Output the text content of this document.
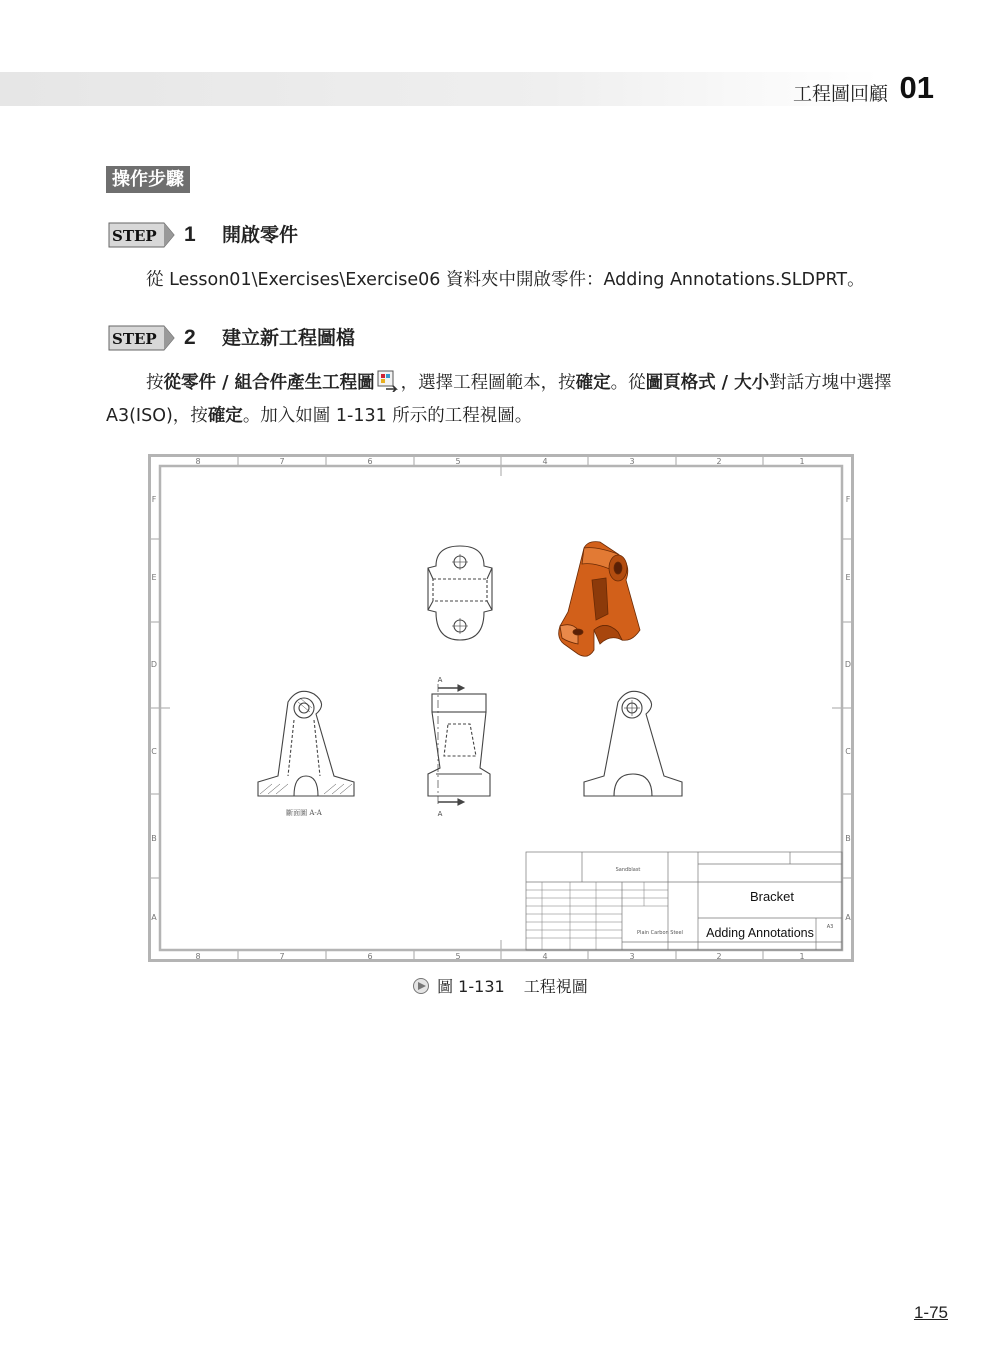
工程圖回顧 01
操作步驟
STEP 1 開啟零件
從 Lesson01\Exercises\Exercise06 資料夾中開啟零件：Adding Annotations.SLDPRT。
STEP 2 建立新工程圖檔
按從零件 / 組合件產生工程圖 ，選擇工程圖範本，按確定。從圖頁格式 / 大小對話方塊中選擇 A3(ISO)，按確定。加入如圖 1-131 所示的工程視圖。
8	7	6	5	4	3	2	1
8	7	6	5	4	3	2	1
F
E
D
C
B
A
F
E
D
C
B
A
斷面圖 A-A
A
A
Sandblast
Bracket
Adding Annotations
Plain Carbon Steel
A3
圖 1-131 工程視圖
1-75
